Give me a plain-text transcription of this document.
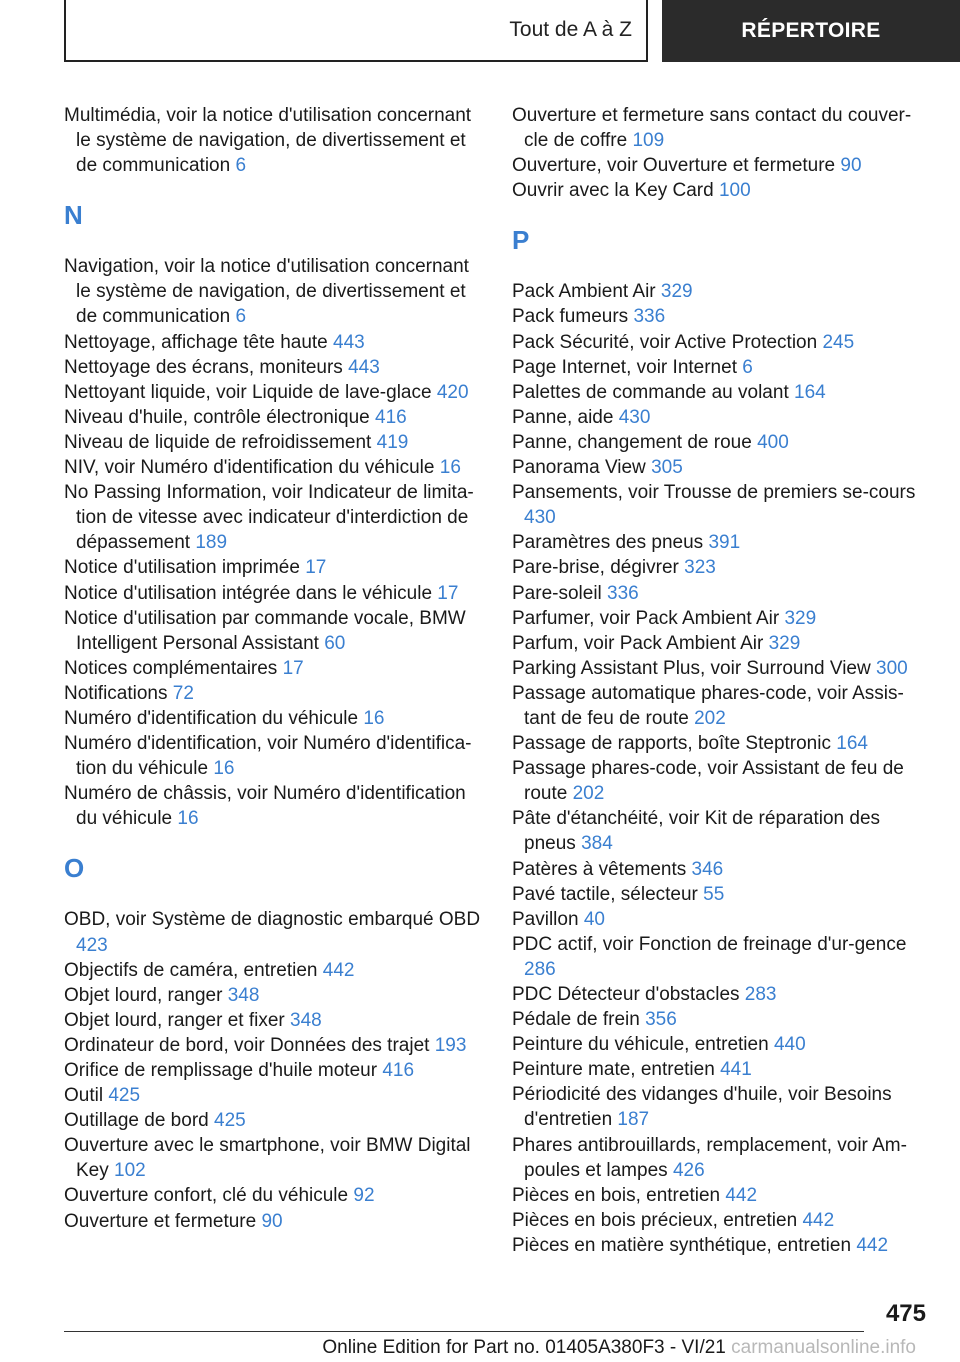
Tout de A à Z	RÉPERTOIRE
Multimédia, voir la notice d'utilisation concernant le système de navigation, de divertissement et de communication 6
N
Navigation, voir la notice d'utilisation concernant le système de navigation, de divertissement et de communication 6
Nettoyage, affichage tête haute 443
Nettoyage des écrans, moniteurs 443
Nettoyant liquide, voir Liquide de lave-glace 420
Niveau d'huile, contrôle électronique 416
Niveau de liquide de refroidissement 419
NIV, voir Numéro d'identification du véhicule 16
No Passing Information, voir Indicateur de limita-tion de vitesse avec indicateur d'interdiction de dépassement 189
Notice d'utilisation imprimée 17
Notice d'utilisation intégrée dans le véhicule 17
Notice d'utilisation par commande vocale, BMW Intelligent Personal Assistant 60
Notices complémentaires 17
Notifications 72
Numéro d'identification du véhicule 16
Numéro d'identification, voir Numéro d'identifica-tion du véhicule 16
Numéro de châssis, voir Numéro d'identification du véhicule 16
O
OBD, voir Système de diagnostic embarqué OBD 423
Objectifs de caméra, entretien 442
Objet lourd, ranger 348
Objet lourd, ranger et fixer 348
Ordinateur de bord, voir Données des trajet 193
Orifice de remplissage d'huile moteur 416
Outil 425
Outillage de bord 425
Ouverture avec le smartphone, voir BMW Digital Key 102
Ouverture confort, clé du véhicule 92
Ouverture et fermeture 90
Ouverture et fermeture sans contact du couver-cle de coffre 109
Ouverture, voir Ouverture et fermeture 90
Ouvrir avec la Key Card 100
P
Pack Ambient Air 329
Pack fumeurs 336
Pack Sécurité, voir Active Protection 245
Page Internet, voir Internet 6
Palettes de commande au volant 164
Panne, aide 430
Panne, changement de roue 400
Panorama View 305
Pansements, voir Trousse de premiers se-cours 430
Paramètres des pneus 391
Pare-brise, dégivrer 323
Pare-soleil 336
Parfumer, voir Pack Ambient Air 329
Parfum, voir Pack Ambient Air 329
Parking Assistant Plus, voir Surround View 300
Passage automatique phares-code, voir Assis-tant de feu de route 202
Passage de rapports, boîte Steptronic 164
Passage phares-code, voir Assistant de feu de route 202
Pâte d'étanchéité, voir Kit de réparation des pneus 384
Patères à vêtements 346
Pavé tactile, sélecteur 55
Pavillon 40
PDC actif, voir Fonction de freinage d'ur-gence 286
PDC Détecteur d'obstacles 283
Pédale de frein 356
Peinture du véhicule, entretien 440
Peinture mate, entretien 441
Périodicité des vidanges d'huile, voir Besoins d'entretien 187
Phares antibrouillards, remplacement, voir Am-poules et lampes 426
Pièces en bois, entretien 442
Pièces en bois précieux, entretien 442
Pièces en matière synthétique, entretien 442
475
Online Edition for Part no. 01405A380F3 - VI/21 carmanualsonline.info
